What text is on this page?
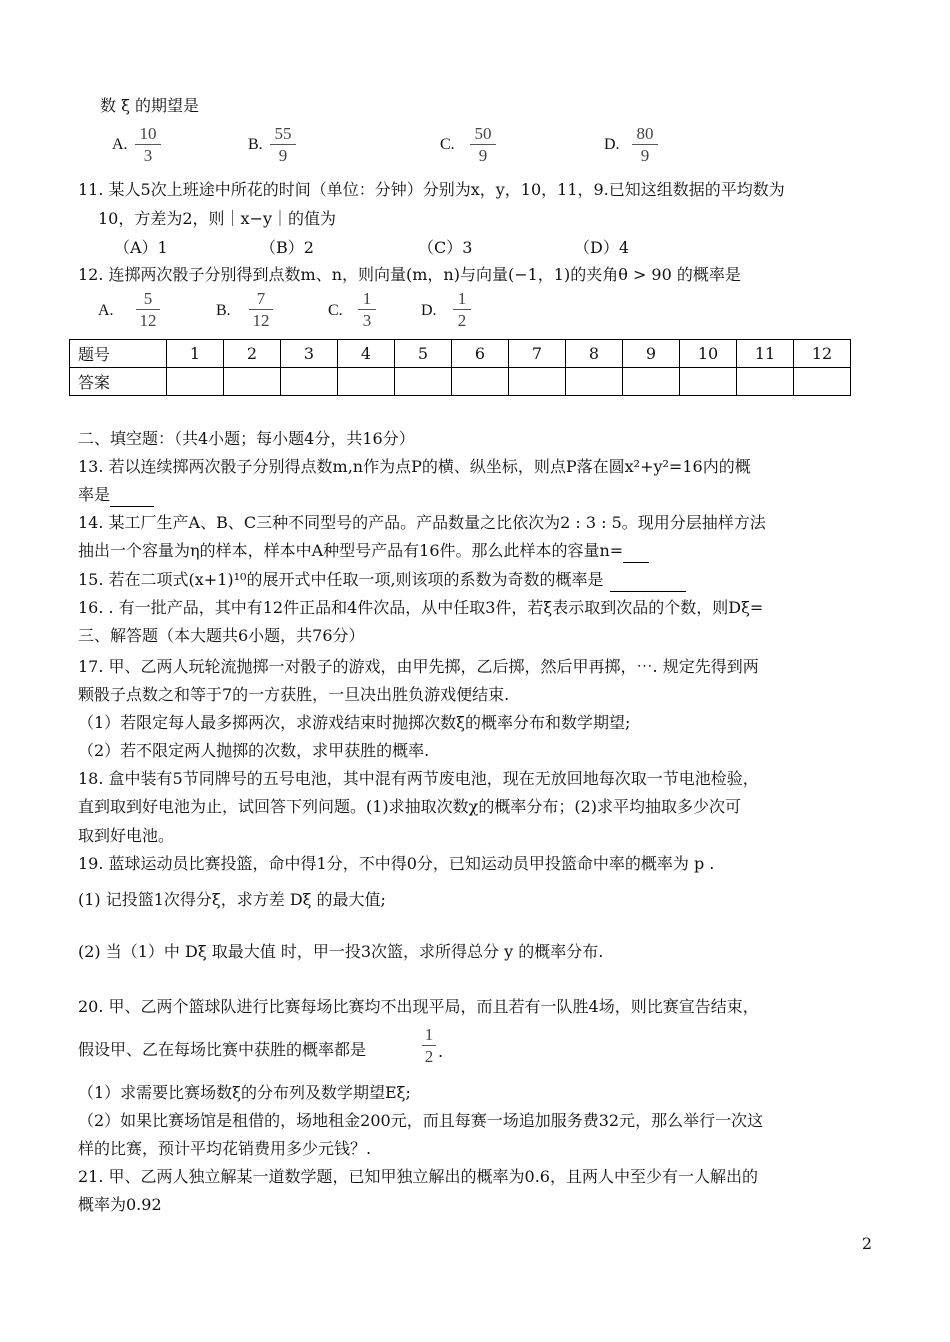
数 ξ 的期望是
A.
10
3
B.
55
9
C.
50
9
D.
80
9
11. 某人5次上班途中所花的时间（单位：分钟）分别为x，y，10，11，9.已知这组数据的平均数为
10，方差为2，则｜x−y｜的值为
（A）1	（B）2	（C）3	（D）4
12. 连掷两次骰子分别得到点数m、n，则向量(m，n)与向量(−1，1)的夹角θ > 90 的概率是
A.
5
12
B.
7
12
C.
1
3
D.
1
2
题号	1	2	3	4	5	6	7	8	9	10	11	12
答案												
二、填空题：（共4小题；每小题4分，共16分）
13. 若以连续掷两次骰子分别得点数m,n作为点P的横、纵坐标，则点P落在圆x²+y²=16内的概
率是
14. 某工厂生产A、B、C三种不同型号的产品。产品数量之比依次为2 : 3 : 5。现用分层抽样方法
抽出一个容量为η的样本，样本中A种型号产品有16件。那么此样本的容量n=
15. 若在二项式(x+1)¹⁰的展开式中任取一项,则该项的系数为奇数的概率是
16. . 有一批产品，其中有12件正品和4件次品，从中任取3件，若ξ表示取到次品的个数，则Dξ=
三、解答题（本大题共6小题，共76分）
17. 甲、乙两人玩轮流抛掷一对骰子的游戏，由甲先掷，乙后掷，然后甲再掷，⋯. 规定先得到两
颗骰子点数之和等于7的一方获胜，一旦决出胜负游戏便结束.
（1）若限定每人最多掷两次，求游戏结束时抛掷次数ξ的概率分布和数学期望;
（2）若不限定两人抛掷的次数，求甲获胜的概率.
18. 盒中装有5节同牌号的五号电池，其中混有两节废电池，现在无放回地每次取一节电池检验，
直到取到好电池为止，试回答下列问题。(1)求抽取次数χ的概率分布；(2)求平均抽取多少次可
取到好电池。
19. 蓝球运动员比赛投篮，命中得1分，不中得0分，已知运动员甲投篮命中率的概率为 p .
(1) 记投篮1次得分ξ，求方差 Dξ 的最大值;
(2) 当（1）中 Dξ 取最大值 时，甲一投3次篮，求所得总分 y 的概率分布.
20. 甲、乙两个篮球队进行比赛每场比赛均不出现平局，而且若有一队胜4场，则比赛宣告结束，
假设甲、乙在每场比赛中获胜的概率都是
1
2 .
（1）求需要比赛场数ξ的分布列及数学期望Eξ;
（2）如果比赛场馆是租借的，场地租金200元，而且每赛一场追加服务费32元，那么举行一次这
样的比赛，预计平均花销费用多少元钱？.
21. 甲、乙两人独立解某一道数学题，已知甲独立解出的概率为0.6，且两人中至少有一人解出的
概率为0.92
2
